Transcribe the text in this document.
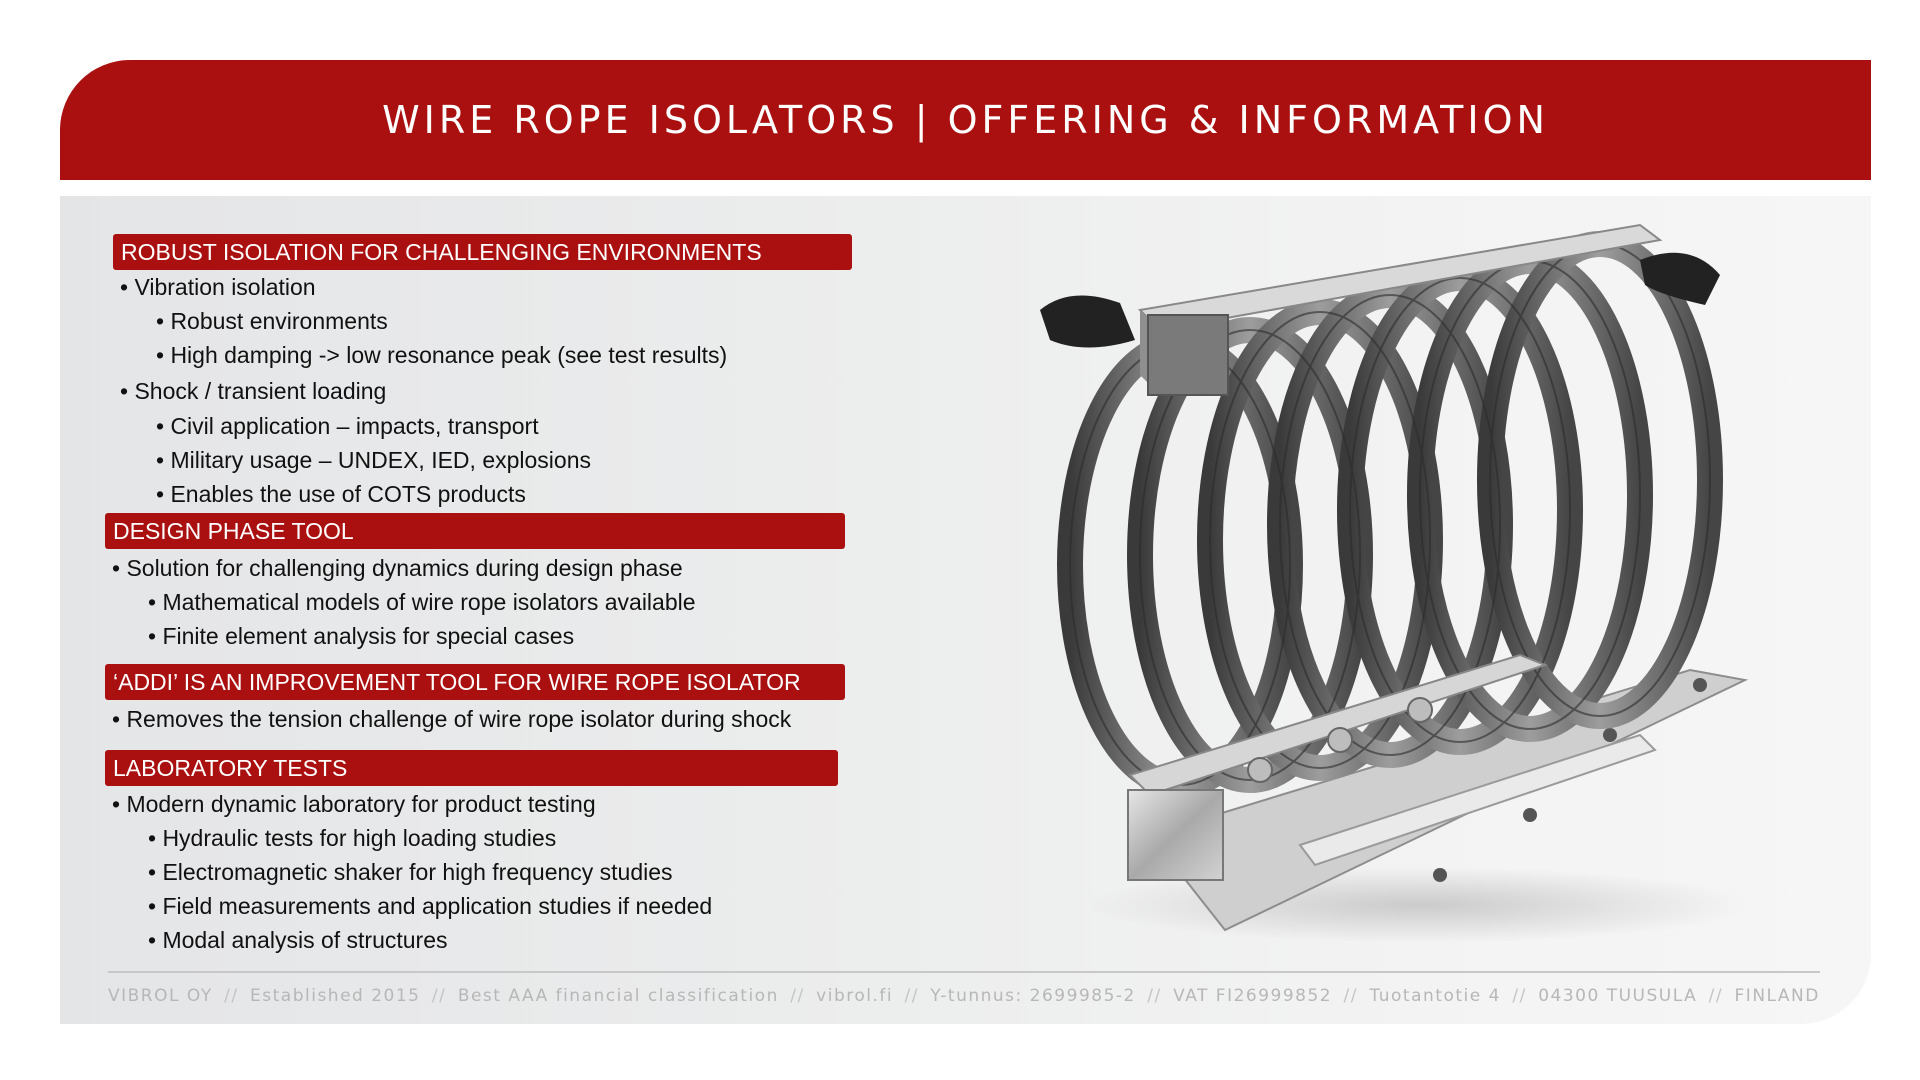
WIRE ROPE ISOLATORS | OFFERING & INFORMATION
ROBUST ISOLATION FOR CHALLENGING ENVIRONMENTS
• Vibration isolation
• Robust environments
• High damping -> low resonance peak (see test results)
• Shock / transient loading
• Civil application – impacts, transport
• Military usage – UNDEX, IED, explosions
• Enables the use of COTS products
DESIGN PHASE TOOL
• Solution for challenging dynamics during design phase
• Mathematical models of wire rope isolators available
• Finite element analysis for special cases
‘ADDI’ IS AN IMPROVEMENT TOOL FOR WIRE ROPE ISOLATOR
• Removes the tension challenge of wire rope isolator during shock
LABORATORY TESTS
• Modern dynamic laboratory for product testing
• Hydraulic tests for high loading studies
• Electromagnetic shaker for high frequency studies
• Field measurements and application studies if needed
• Modal analysis of structures
VIBROL OY // Established 2015 // Best AAA financial classification // vibrol.fi // Y-tunnus: 2699985-2 // VAT FI26999852 // Tuotantotie 4 // 04300 TUUSULA // FINLAND
